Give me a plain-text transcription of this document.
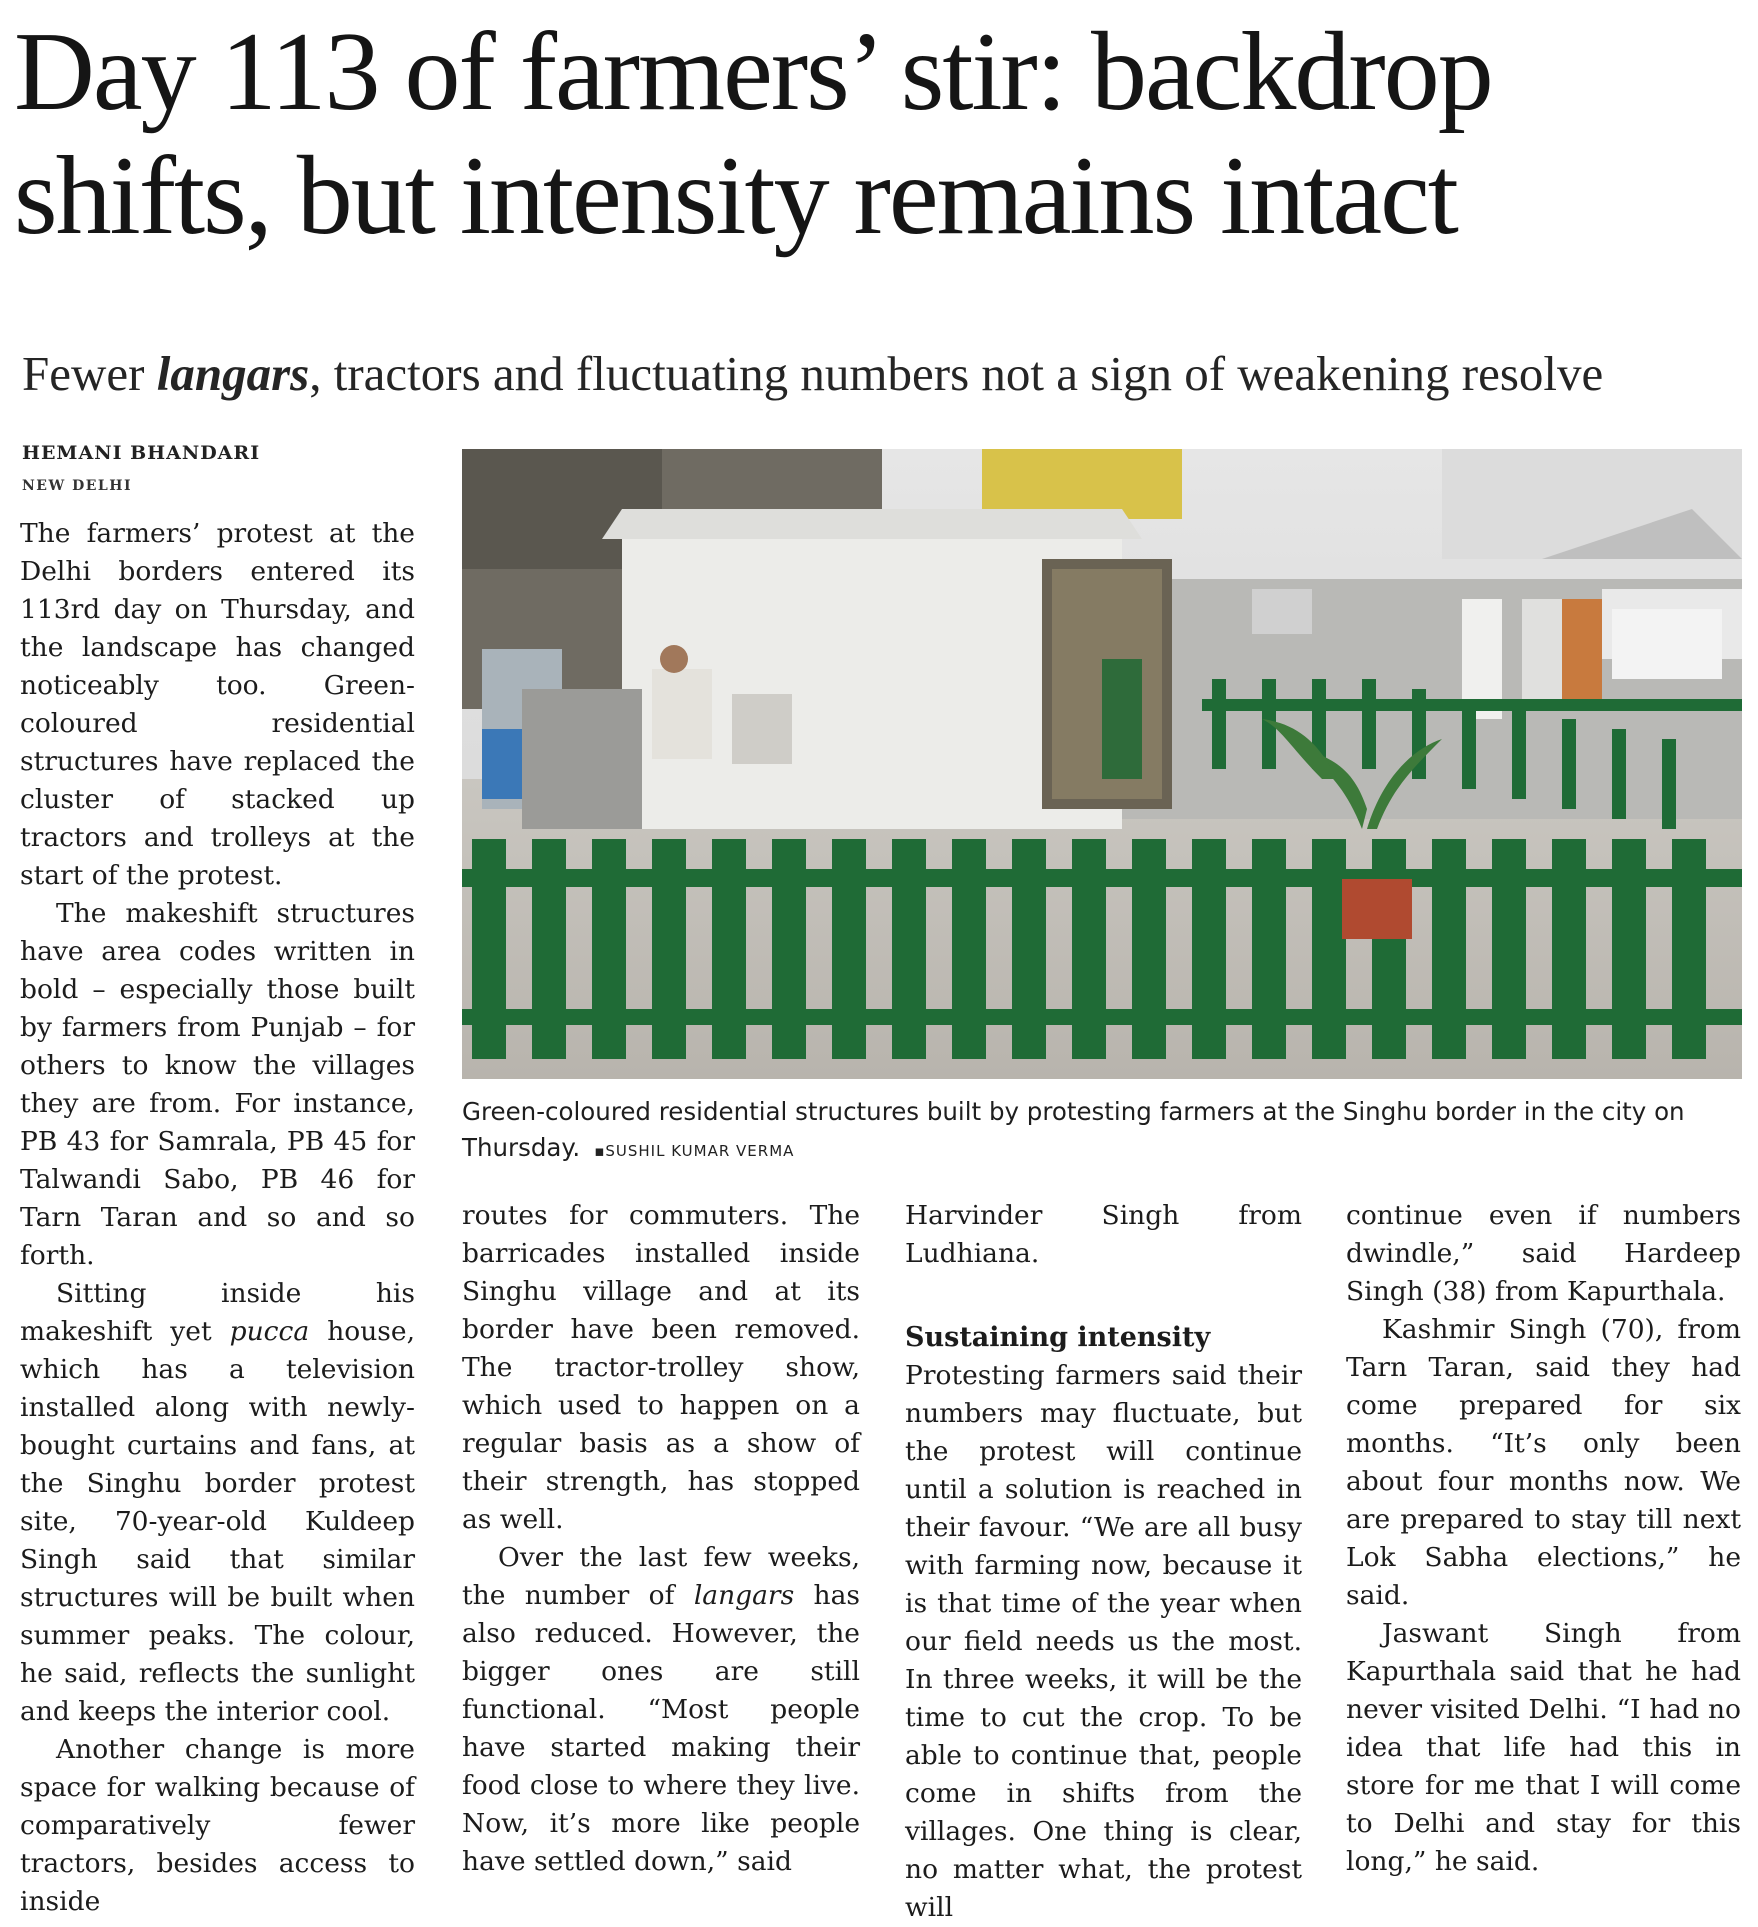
Day 113 of farmers’ stir: backdrop
shifts, but intensity remains intact
Fewer langars, tractors and fluctuating numbers not a sign of weakening resolve
HEMANI BHANDARI
NEW DELHI

The farmers’ protest at the Delhi borders entered its 113rd day on Thursday, and the landscape has changed noticeably too. Green-coloured residential structures have replaced the cluster of stacked up tractors and trolleys at the start of the protest.

The makeshift structures have area codes written in bold – especially those built by farmers from Punjab – for others to know the villages they are from. For instance, PB 43 for Samrala, PB 45 for Talwandi Sabo, PB 46 for Tarn Taran and so and so forth.

Sitting inside his makeshift yet pucca house, which has a television installed along with newly-bought curtains and fans, at the Singhu border protest site, 70-year-old Kuldeep Singh said that similar structures will be built when summer peaks. The colour, he said, reflects the sunlight and keeps the interior cool.

Another change is more space for walking because of comparatively fewer tractors, besides access to inside

Green-coloured residential structures built by protesting farmers at the Singhu border in the city on Thursday. ▪SUSHIL KUMAR VERMA

routes for commuters. The barricades installed inside Singhu village and at its border have been removed. The tractor-trolley show, which used to happen on a regular basis as a show of their strength, has stopped as well.

Over the last few weeks, the number of langars has also reduced. However, the bigger ones are still functional. “Most people have started making their food close to where they live. Now, it’s more like people have settled down,” said

Harvinder Singh from Ludhiana.

Sustaining intensity

Protesting farmers said their numbers may fluctuate, but the protest will continue until a solution is reached in their favour. “We are all busy with farming now, because it is that time of the year when our field needs us the most. In three weeks, it will be the time to cut the crop. To be able to continue that, people come in shifts from the villages. One thing is clear, no matter what, the protest will

continue even if numbers dwindle,” said Hardeep Singh (38) from Kapurthala.

Kashmir Singh (70), from Tarn Taran, said they had come prepared for six months. “It’s only been about four months now. We are prepared to stay till next Lok Sabha elections,” he said.

Jaswant Singh from Kapurthala said that he had never visited Delhi. “I had no idea that life had this in store for me that I will come to Delhi and stay for this long,” he said.
